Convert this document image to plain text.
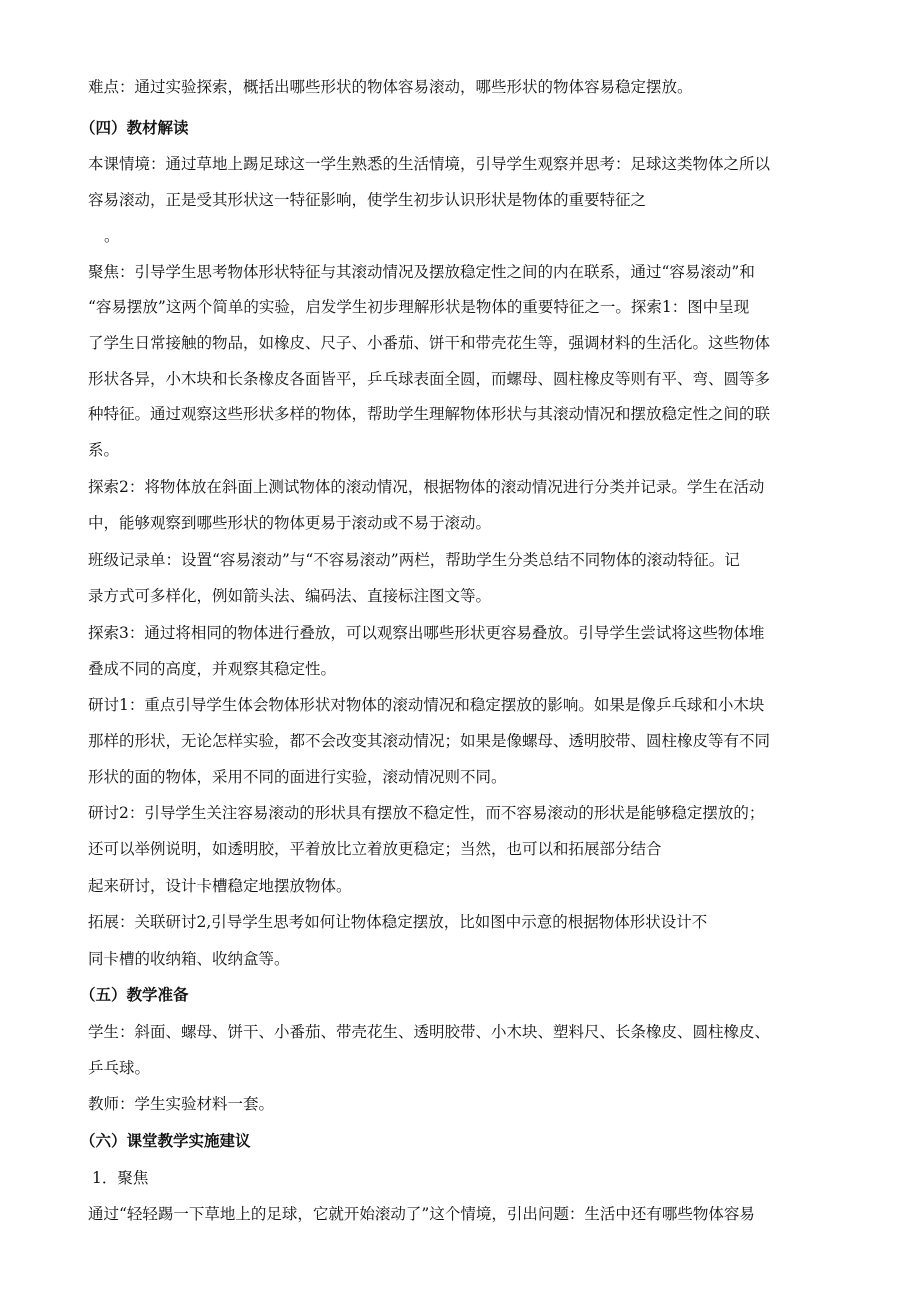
难点：通过实验探索，概括出哪些形状的物体容易滚动，哪些形状的物体容易稳定摆放。
（四）教材解读
本课情境：通过草地上踢足球这一学生熟悉的生活情境，引导学生观察并思考：足球这类物体之所以
容易滚动，正是受其形状这一特征影响，使学生初步认识形状是物体的重要特征之
。
聚焦：引导学生思考物体形状特征与其滚动情况及摆放稳定性之间的内在联系，通过“容易滚动”和
“容易摆放”这两个简单的实验，启发学生初步理解形状是物体的重要特征之一。探索1：图中呈现
了学生日常接触的物品，如橡皮、尺子、小番茄、饼干和带壳花生等，强调材料的生活化。这些物体
形状各异，小木块和长条橡皮各面皆平，乒乓球表面全圆，而螺母、圆柱橡皮等则有平、弯、圆等多
种特征。通过观察这些形状多样的物体，帮助学生理解物体形状与其滚动情况和摆放稳定性之间的联
系。
探索2：将物体放在斜面上测试物体的滚动情况，根据物体的滚动情况进行分类并记录。学生在活动
中，能够观察到哪些形状的物体更易于滚动或不易于滚动。
班级记录单：设置“容易滚动”与“不容易滚动”两栏，帮助学生分类总结不同物体的滚动特征。记
录方式可多样化，例如箭头法、编码法、直接标注图文等。
探索3：通过将相同的物体进行叠放，可以观察出哪些形状更容易叠放。引导学生尝试将这些物体堆
叠成不同的高度，并观察其稳定性。
研讨1：重点引导学生体会物体形状对物体的滚动情况和稳定摆放的影响。如果是像乒乓球和小木块
那样的形状，无论怎样实验，都不会改变其滚动情况；如果是像螺母、透明胶带、圆柱橡皮等有不同
形状的面的物体，采用不同的面进行实验，滚动情况则不同。
研讨2：引导学生关注容易滚动的形状具有摆放不稳定性，而不容易滚动的形状是能够稳定摆放的；
还可以举例说明，如透明胶，平着放比立着放更稳定；当然，也可以和拓展部分结合
起来研讨，设计卡槽稳定地摆放物体。
拓展：关联研讨2,引导学生思考如何让物体稳定摆放，比如图中示意的根据物体形状设计不
同卡槽的收纳箱、收纳盒等。
（五）教学准备
学生：斜面、螺母、饼干、小番茄、带壳花生、透明胶带、小木块、塑料尺、长条橡皮、圆柱橡皮、
乒乓球。
教师：学生实验材料一套。
（六）课堂教学实施建议
1．聚焦
通过“轻轻踢一下草地上的足球，它就开始滚动了”这个情境，引出问题：生活中还有哪些物体容易
